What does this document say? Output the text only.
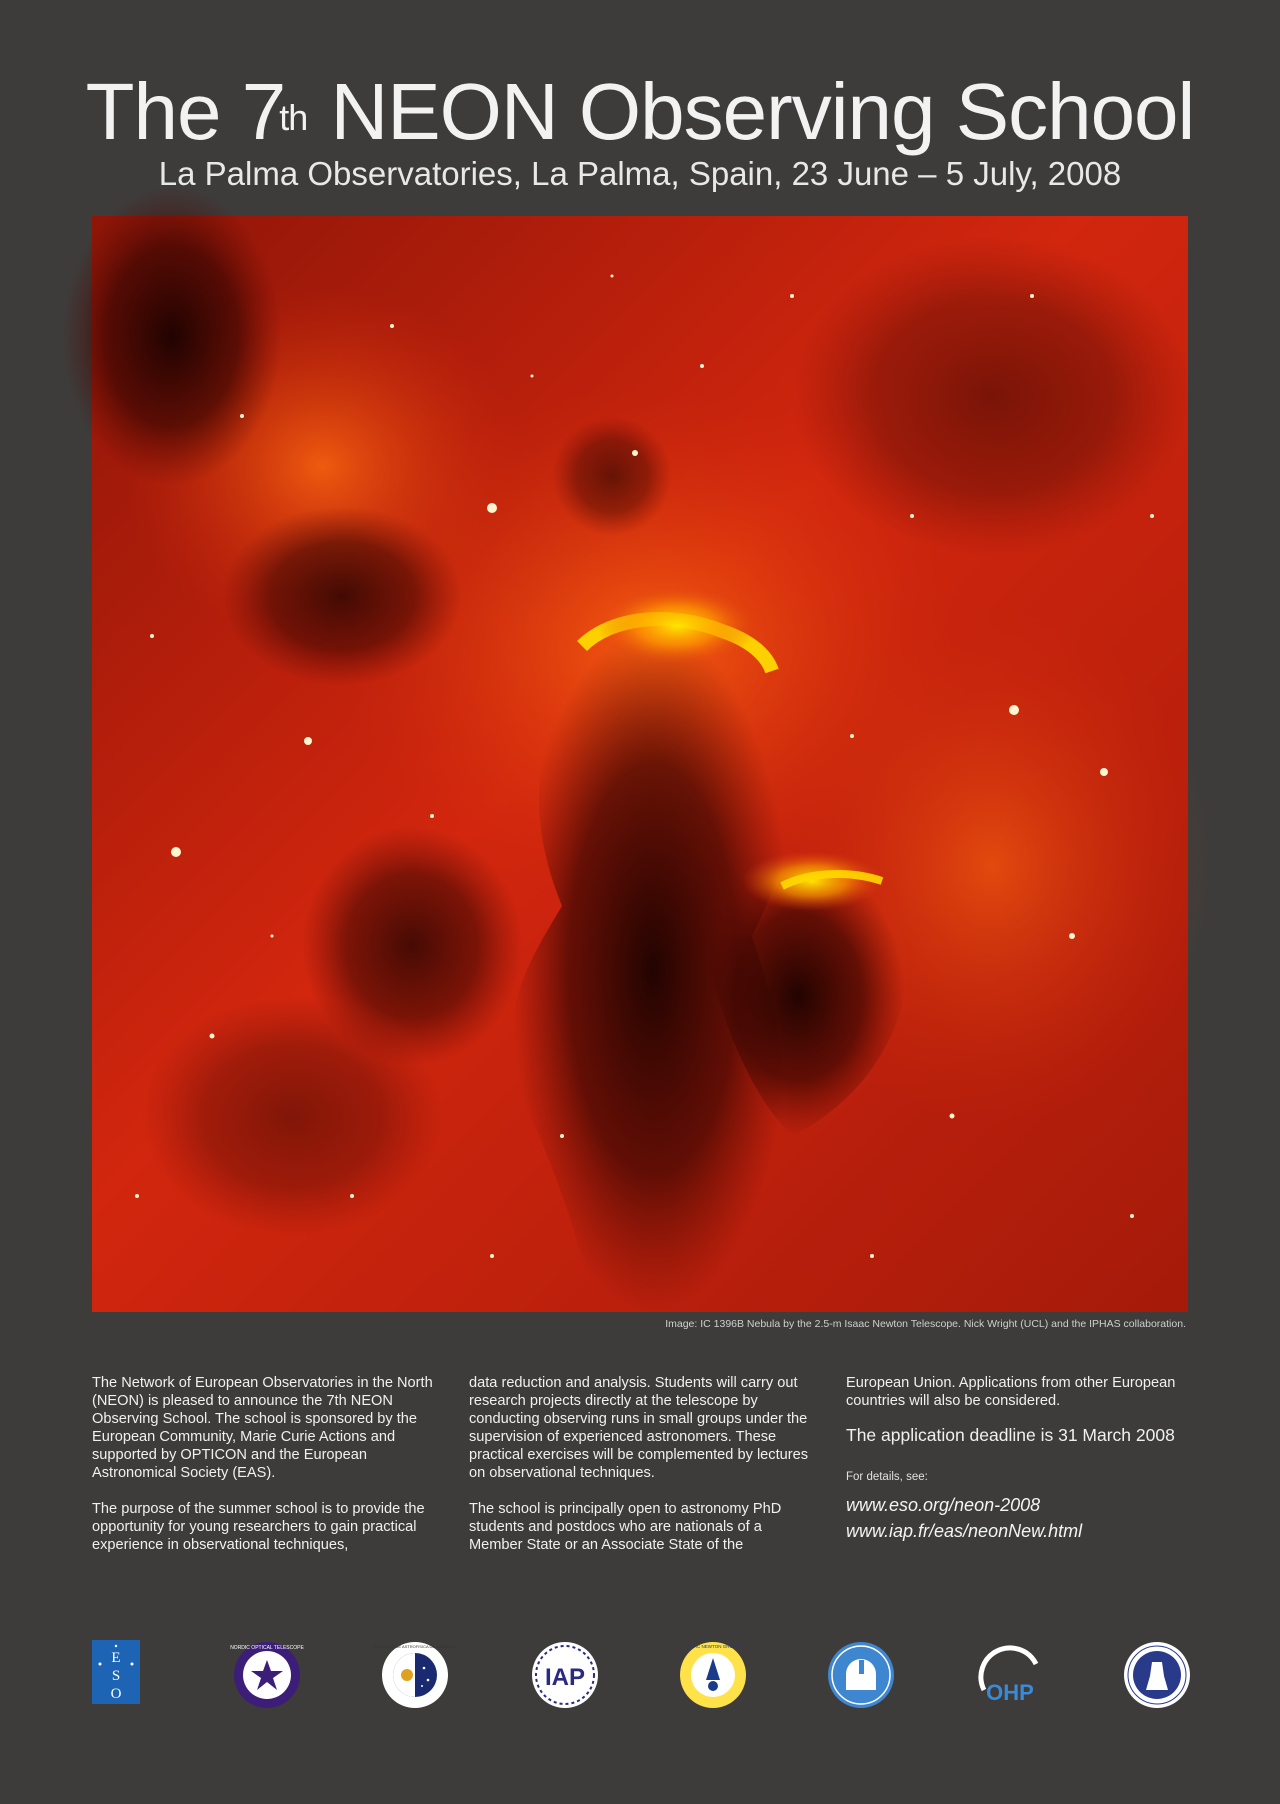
The 7th NEON Observing School
La Palma Observatories, La Palma, Spain, 23 June – 5 July, 2008
Image: IC 1396B Nebula by the 2.5-m Isaac Newton Telescope. Nick Wright (UCL) and the IPHAS collaboration.

The Network of European Observatories in the North (NEON) is pleased to announce the 7th NEON Observing School. The school is sponsored by the European Community, Marie Curie Actions and supported by OPTICON and the European Astronomical Society (EAS).

The purpose of the summer school is to provide the opportunity for young researchers to gain practical experience in observational techniques,

data reduction and analysis. Students will carry out research projects directly at the telescope by conducting observing runs in small groups under the supervision of experienced astronomers. These practical exercises will be complemented by lectures on observational techniques.

The school is principally open to astronomy PhD students and postdocs who are nationals of a Member State or an Associate State of the

European Union. Applications from other European countries will also be considered.

The application deadline is 31 March 2008

For details, see:

www.eso.org/neon-2008

www.iap.fr/eas/neonNew.html

E
S
O
NORDIC OPTICAL TELESCOPE	INSTITUTO DE ASTROFISICA DE CANARIAS
IAP
ISAAC NEWTON GROUP
OHP
